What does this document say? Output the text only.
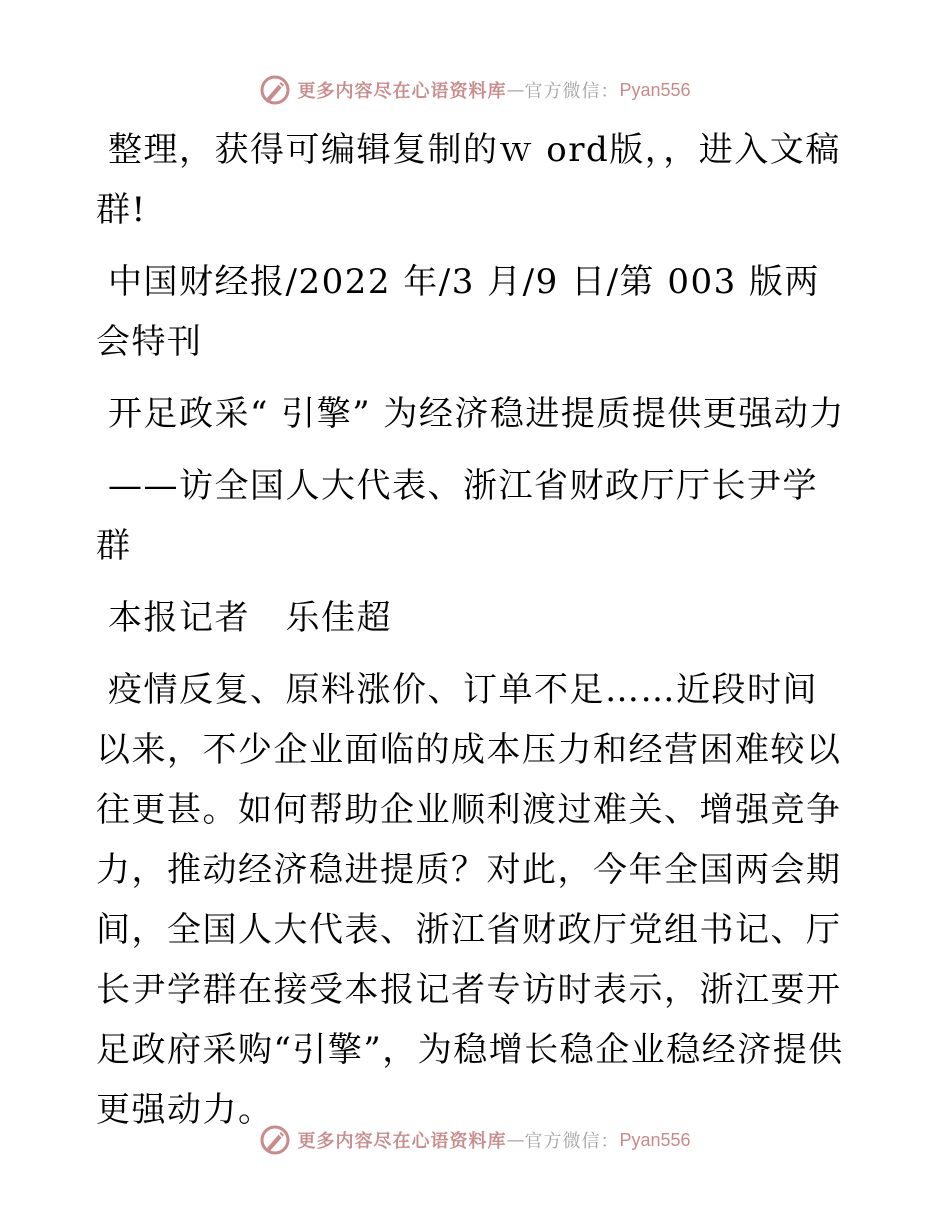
更多内容尽在心语资料库 — 官方微信： Pyan556

整理，获得可编辑复制的ｗ ord版，，进入文稿群!

中国财经报/2022 年/3 月/9 日/第 003 版两会特刊

开足政采“ 引擎” 为经济稳进提质提供更强动力

——访全国人大代表、浙江省财政厅厅长尹学群

本报记者　乐佳超

疫情反复、原料涨价、订单不足……近段时间以来，不少企业面临的成本压力和经营困难较以往更甚。如何帮助企业顺利渡过难关、增强竞争力，推动经济稳进提质？对此，今年全国两会期间，全国人大代表、浙江省财政厅党组书记、厅长尹学群在接受本报记者专访时表示，浙江要开足政府采购“引擎”，为稳增长稳企业稳经济提供更强动力。

更多内容尽在心语资料库 — 官方微信： Pyan556
